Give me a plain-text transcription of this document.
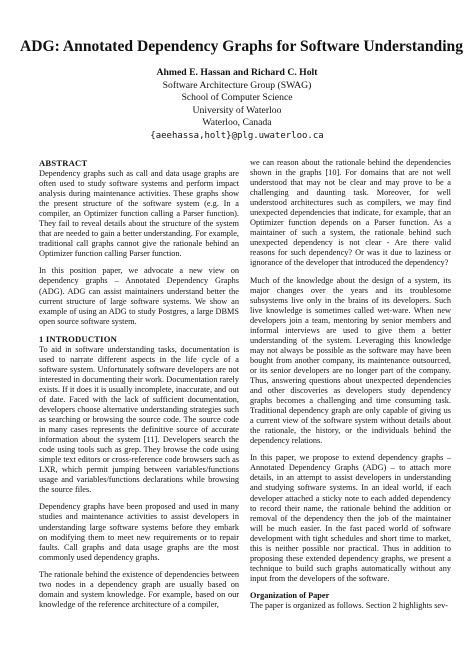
ADG: Annotated Dependency Graphs for Software Understanding
Ahmed E. Hassan and Richard C. Holt
Software Architecture Group (SWAG)
School of Computer Science
University of Waterloo
Waterloo, Canada
{aeehassa,holt}@plg.uwaterloo.ca
ABSTRACT

Dependency graphs such as call and data usage graphs are often used to study software systems and perform impact analysis during maintenance activities. These graphs show the present structure of the software system (e.g. In a compiler, an Optimizer function calling a Parser function). They fail to reveal details about the structure of the system that are needed to gain a better understanding. For example, traditional call graphs cannot give the rationale behind an Optimizer function calling Parser function.

In this position paper, we advocate a new view on dependency graphs – Annotated Dependency Graphs (ADG). ADG can assist maintainers understand better the current structure of large software systems. We show an example of using an ADG to study Postgres, a large DBMS open source software system.

1 INTRODUCTION

To aid in software understanding tasks, documentation is used to narrate different aspects in the life cycle of a software system. Unfortunately software developers are not interested in documenting their work. Documentation rarely exists. If it does it is usually incomplete, inaccurate, and out of date. Faced with the lack of sufficient documentation, developers choose alternative understanding strategies such as searching or browsing the source code. The source code in many cases represents the definitive source of accurate information about the system [11]. Developers search the code using tools such as grep. They browse the code using simple text editors or cross-reference code browsers such as LXR, which permit jumping between variables/functions usage and variables/functions declarations while browsing the source files.

Dependency graphs have been proposed and used in many studies and maintenance activities to assist developers in understanding large software systems before they embark on modifying them to meet new requirements or to repair faults. Call graphs and data usage graphs are the most commonly used dependency graphs.

The rationale behind the existence of dependencies between two nodes in a dependency graph are usually based on domain and system knowledge. For example, based on our knowledge of the reference architecture of a compiler,

we can reason about the rationale behind the dependencies shown in the graphs [10]. For domains that are not well understood that may not be clear and may prove to be a challenging and daunting task. Moreover, for well understood architectures such as compilers, we may find unexpected dependencies that indicate, for example, that an Optimizer function depends on a Parser function. As a maintainer of such a system, the rationale behind such unexpected dependency is not clear - Are there valid reasons for such dependency? Or was it due to laziness or ignorance of the developer that introduced the dependency?

Much of the knowledge about the design of a system, its major changes over the years and its troublesome subsystems live only in the brains of its developers. Such live knowledge is sometimes called wet-ware. When new developers join a team, mentoring by senior members and informal interviews are used to give them a better understanding of the system. Leveraging this knowledge may not always be possible as the software may have been bought from another company, its maintenance outsourced, or its senior developers are no longer part of the company. Thus, answering questions about unexpected dependencies and other discoveries as developers study dependency graphs becomes a challenging and time consuming task. Traditional dependency graph are only capable of giving us a current view of the software system without details about the rationale, the history, or the individuals behind the dependency relations.

In this paper, we propose to extend dependency graphs – Annotated Dependency Graphs (ADG) – to attach more details, in an attempt to assist developers in understanding and studying software systems. In an ideal world, if each developer attached a sticky note to each added dependency to record their name, the rationale behind the addition or removal of the dependency then the job of the maintainer will be much easier. In the fast paced world of software development with tight schedules and short time to market, this is neither possible nor practical. Thus in addition to proposing these extended dependency graphs, we present a technique to build such graphs automatically without any input from the developers of the software.

Organization of Paper

The paper is organized as follows. Section 2 highlights sev-
